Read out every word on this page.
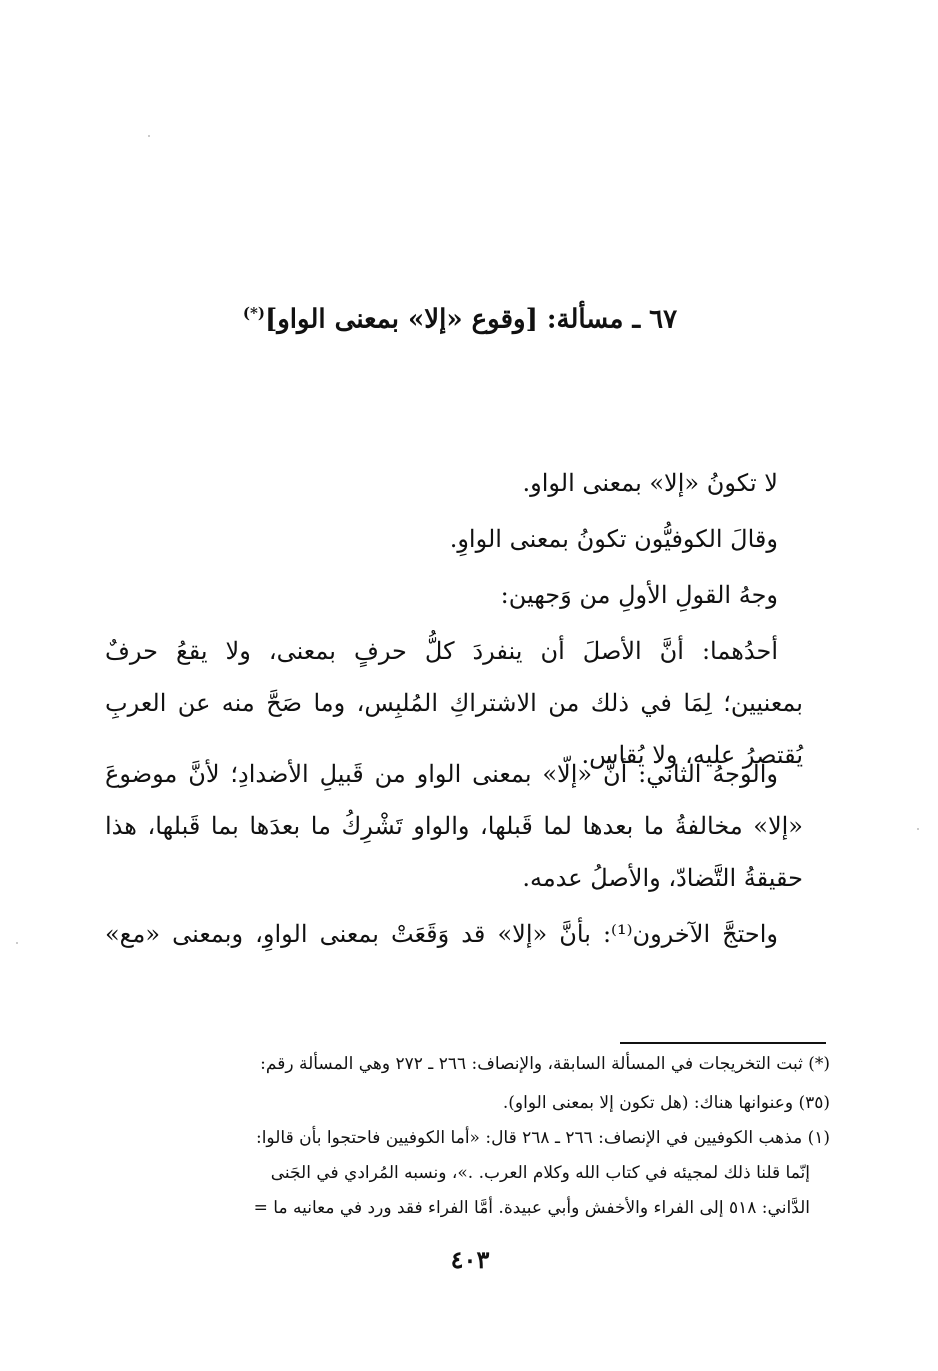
٦٧ ـ مسألة: [وقوع «إلا» بمعنى الواو](*)
لا تكونُ «إلا» بمعنى الواو.
وقالَ الكوفيُّون تكونُ بمعنى الواوِ.
وجهُ القولِ الأولِ من وَجهين:
أحدُهما: أنَّ الأصلَ أن ينفردَ كلُّ حرفٍ بمعنى، ولا يقعُ حرفٌ
بمعنيين؛ لِمَا في ذلك من الاشتراكِ المُلبِس، وما صَحَّ منه عن العربِ
يُقتصرُ عليه، ولا يُقاس.
والوجهُ الثاني: أنَّ «إلّا» بمعنى الواو من قَبيلِ الأضدادِ؛ لأنَّ موضوعَ
«إلا» مخالفةُ ما بعدها لما قَبلها، والواو تَشْرِكُ ما بعدَها بما قَبلها، هذا
حقيقةُ التَّضادّ، والأصلُ عدمه.
واحتجَّ الآخرون⁽¹⁾: بأنَّ «إلا» قد وَقَعَتْ بمعنى الواوِ، وبمعنى «مع»
(*) ثبت التخريجات في المسألة السابقة، والإنصاف: ٢٦٦ ـ ٢٧٢ وهي المسألة رقم:
(٣٥) وعنوانها هناك: (هل تكون إلا بمعنى الواو).
(١) مذهب الكوفيين في الإنصاف: ٢٦٦ ـ ٢٦٨ قال: «أما الكوفيين فاحتجوا بأن قالوا:
إنّما قلنا ذلك لمجيئه في كتاب الله وكلام العرب. .»، ونسبه المُرادي في الجَنى
الدَّاني: ٥١٨ إلى الفراء والأخفش وأبي عبيدة. أمَّا الفراء فقد ورد في معانيه ما =
٤٠٣
